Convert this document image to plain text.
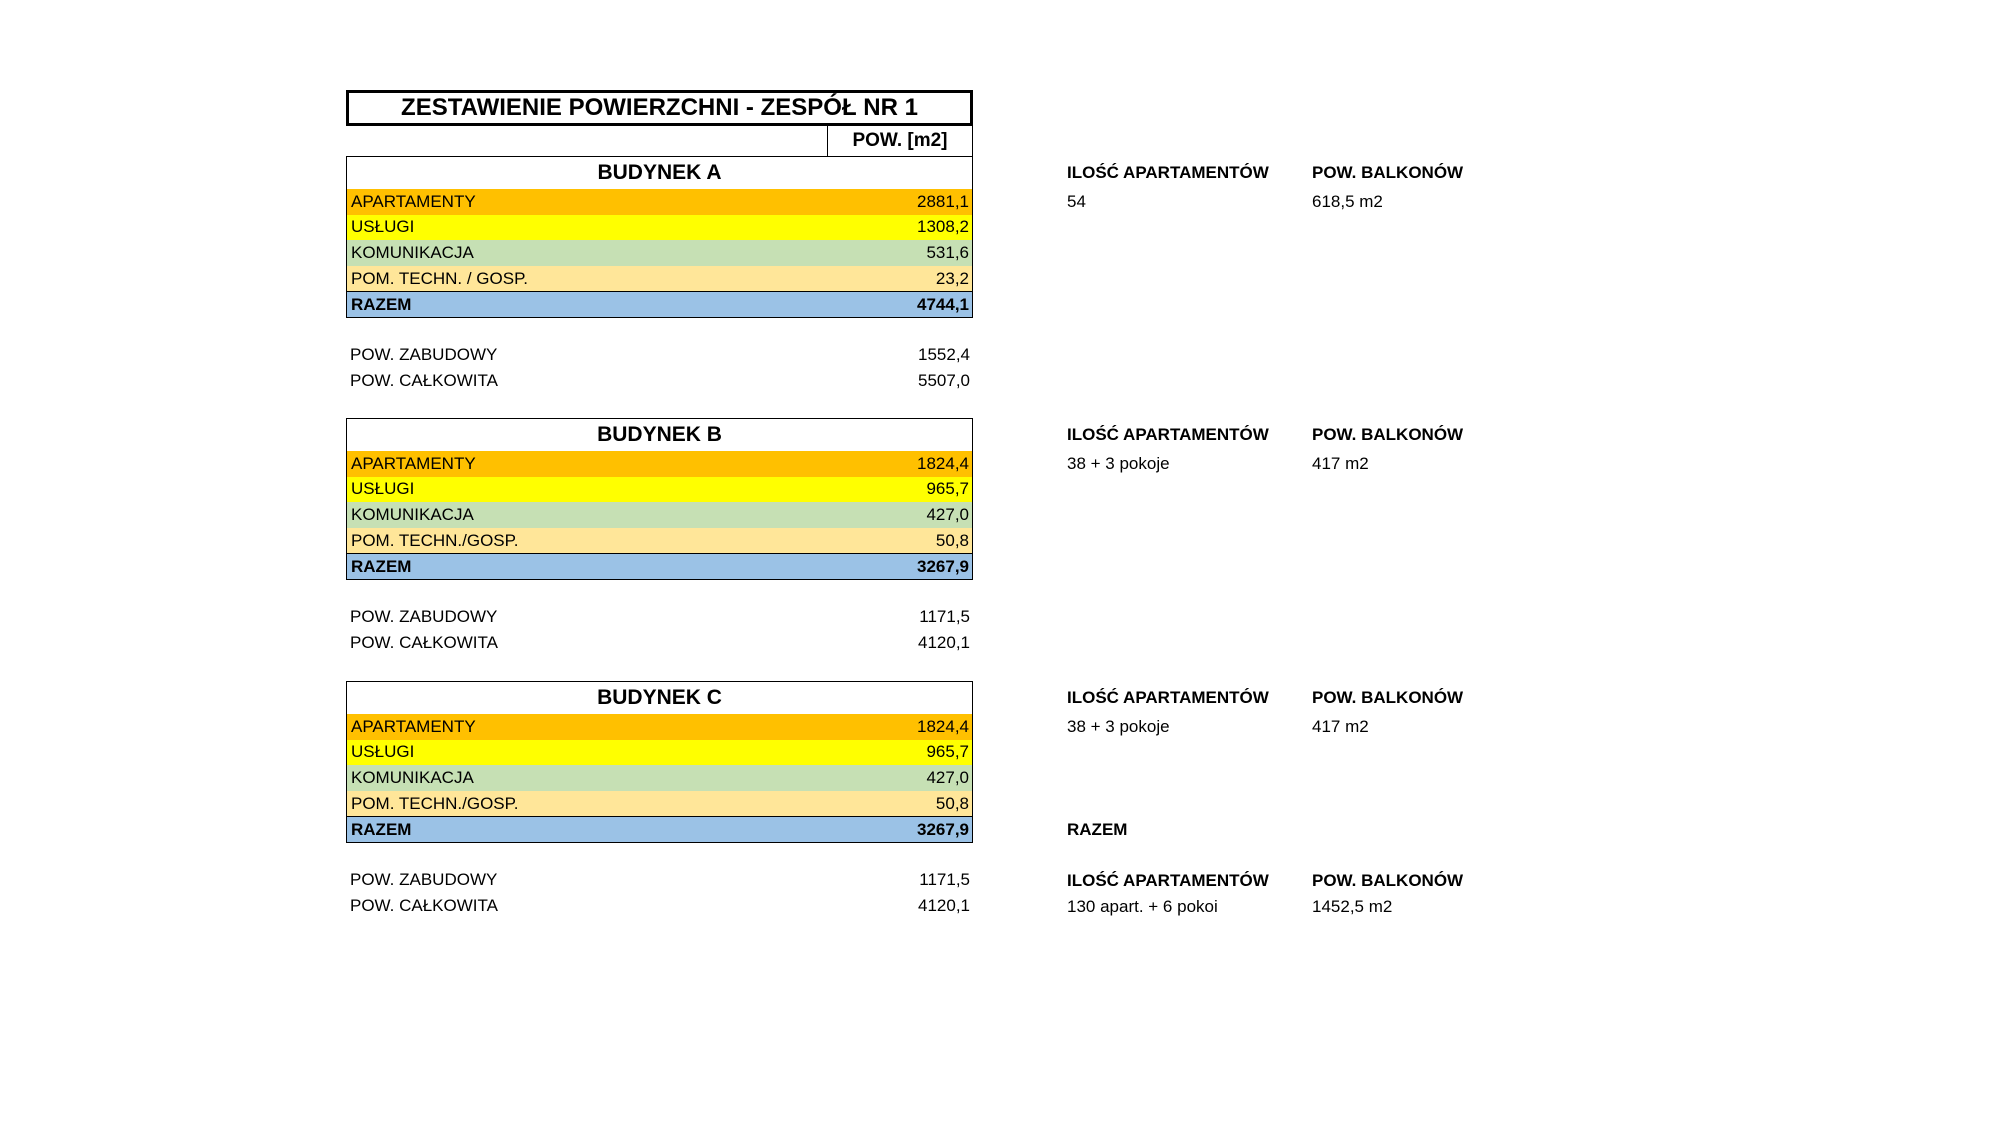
ZESTAWIENIE POWIERZCHNI - ZESPÓŁ NR 1
POW. [m2]
BUDYNEK A
APARTAMENTY	2881,1
USŁUGI	1308,2
KOMUNIKACJA	531,6
POM. TECHN. / GOSP.	23,2
RAZEM	4744,1
POW. ZABUDOWY	1552,4
POW. CAŁKOWITA	5507,0
ILOŚĆ APARTAMENTÓW	POW. BALKONÓW
54	618,5 m2
BUDYNEK B
APARTAMENTY	1824,4
USŁUGI	965,7
KOMUNIKACJA	427,0
POM. TECHN./GOSP.	50,8
RAZEM	3267,9
POW. ZABUDOWY	1171,5
POW. CAŁKOWITA	4120,1
ILOŚĆ APARTAMENTÓW	POW. BALKONÓW
38 + 3 pokoje	417 m2
BUDYNEK C
APARTAMENTY	1824,4
USŁUGI	965,7
KOMUNIKACJA	427,0
POM. TECHN./GOSP.	50,8
RAZEM	3267,9
POW. ZABUDOWY	1171,5
POW. CAŁKOWITA	4120,1
ILOŚĆ APARTAMENTÓW	POW. BALKONÓW
38 + 3 pokoje	417 m2
RAZEM
ILOŚĆ APARTAMENTÓW	POW. BALKONÓW
130 apart. + 6 pokoi	1452,5 m2
